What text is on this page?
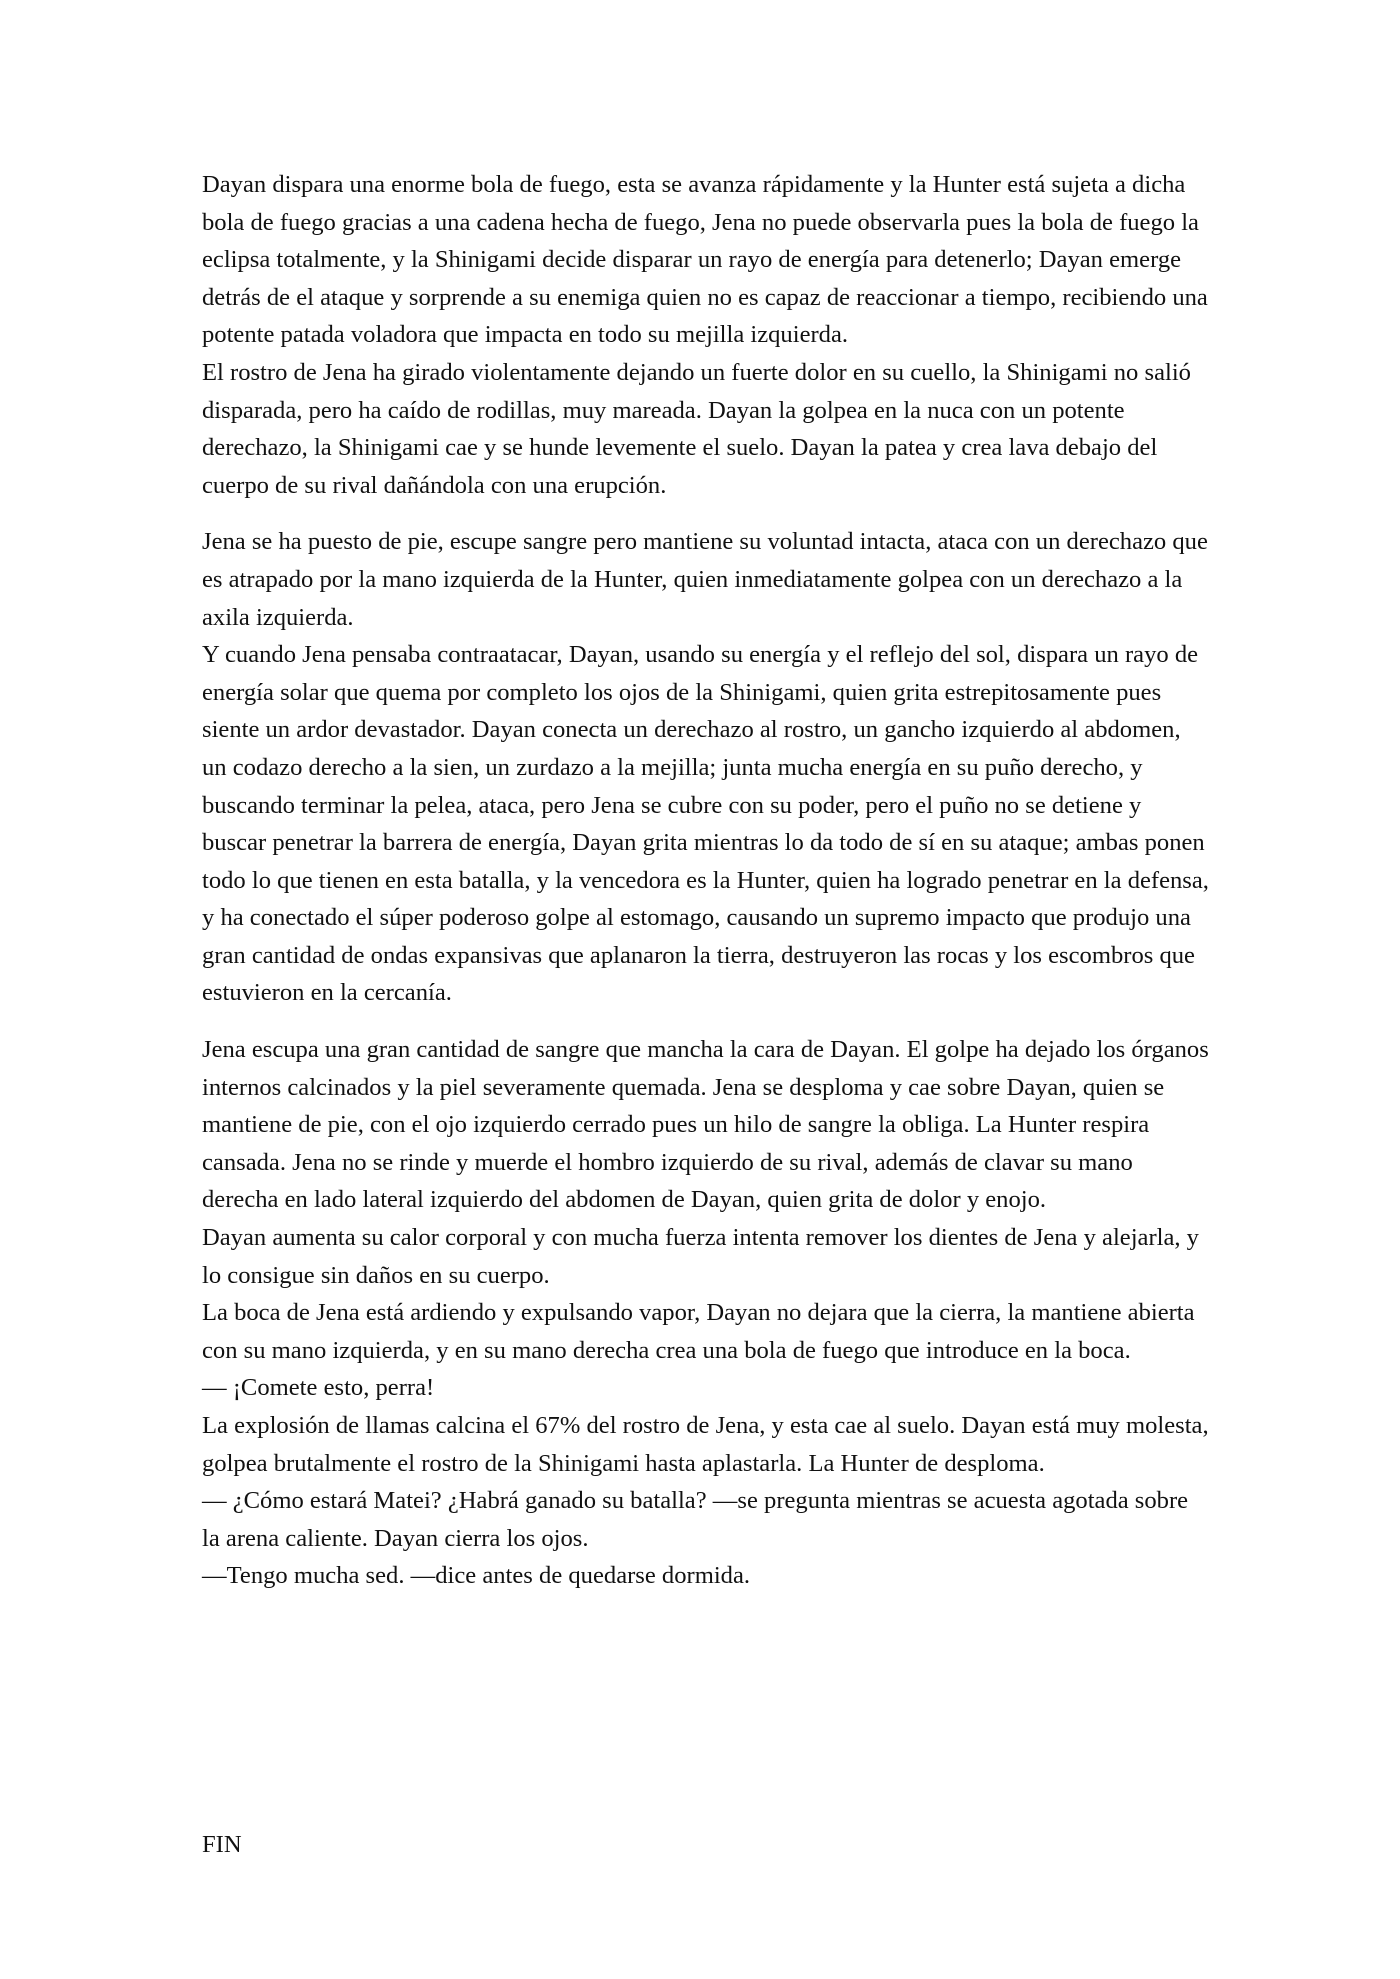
Dayan dispara una enorme bola de fuego, esta se avanza rápidamente y la Hunter está sujeta a dicha bola de fuego gracias a una cadena hecha de fuego, Jena no puede observarla pues la bola de fuego la eclipsa totalmente, y la Shinigami decide disparar un rayo de energía para detenerlo; Dayan emerge detrás de el ataque y sorprende a su enemiga quien no es capaz de reaccionar a tiempo, recibiendo una potente patada voladora que impacta en todo su mejilla izquierda.

El rostro de Jena ha girado violentamente dejando un fuerte dolor en su cuello, la Shinigami no salió disparada, pero ha caído de rodillas, muy mareada. Dayan la golpea en la nuca con un potente derechazo, la Shinigami cae y se hunde levemente el suelo. Dayan la patea y crea lava debajo del cuerpo de su rival dañándola con una erupción.

Jena se ha puesto de pie, escupe sangre pero mantiene su voluntad intacta, ataca con un derechazo que es atrapado por la mano izquierda de la Hunter, quien inmediatamente golpea con un derechazo a la axila izquierda.

Y cuando Jena pensaba contraatacar, Dayan, usando su energía y el reflejo del sol, dispara un rayo de energía solar que quema por completo los ojos de la Shinigami, quien grita estrepitosamente pues siente un ardor devastador. Dayan conecta un derechazo al rostro, un gancho izquierdo al abdomen, un codazo derecho a la sien, un zurdazo a la mejilla; junta mucha energía en su puño derecho, y buscando terminar la pelea, ataca, pero Jena se cubre con su poder, pero el puño no se detiene y buscar penetrar la barrera de energía, Dayan grita mientras lo da todo de sí en su ataque; ambas ponen todo lo que tienen en esta batalla, y la vencedora es la Hunter, quien ha logrado penetrar en la defensa, y ha conectado el súper poderoso golpe al estomago, causando un supremo impacto que produjo una gran cantidad de ondas expansivas que aplanaron la tierra, destruyeron las rocas y los escombros que estuvieron en la cercanía.

Jena escupa una gran cantidad de sangre que mancha la cara de Dayan. El golpe ha dejado los órganos internos calcinados y la piel severamente quemada. Jena se desploma y cae sobre Dayan, quien se mantiene de pie, con el ojo izquierdo cerrado pues un hilo de sangre la obliga. La Hunter respira cansada. Jena no se rinde y muerde el hombro izquierdo de su rival, además de clavar su mano derecha en lado lateral izquierdo del abdomen de Dayan, quien grita de dolor y enojo.

Dayan aumenta su calor corporal y con mucha fuerza intenta remover los dientes de Jena y alejarla, y lo consigue sin daños en su cuerpo.

La boca de Jena está ardiendo y expulsando vapor, Dayan no dejara que la cierra, la mantiene abierta con su mano izquierda, y en su mano derecha crea una bola de fuego que introduce en la boca.

— ¡Comete esto, perra!

La explosión de llamas calcina el 67% del rostro de Jena, y esta cae al suelo. Dayan está muy molesta, golpea brutalmente el rostro de la Shinigami hasta aplastarla. La Hunter de desploma.

— ¿Cómo estará Matei? ¿Habrá ganado su batalla? —se pregunta mientras se acuesta agotada sobre la arena caliente. Dayan cierra los ojos.

—Tengo mucha sed. —dice antes de quedarse dormida.

FIN
